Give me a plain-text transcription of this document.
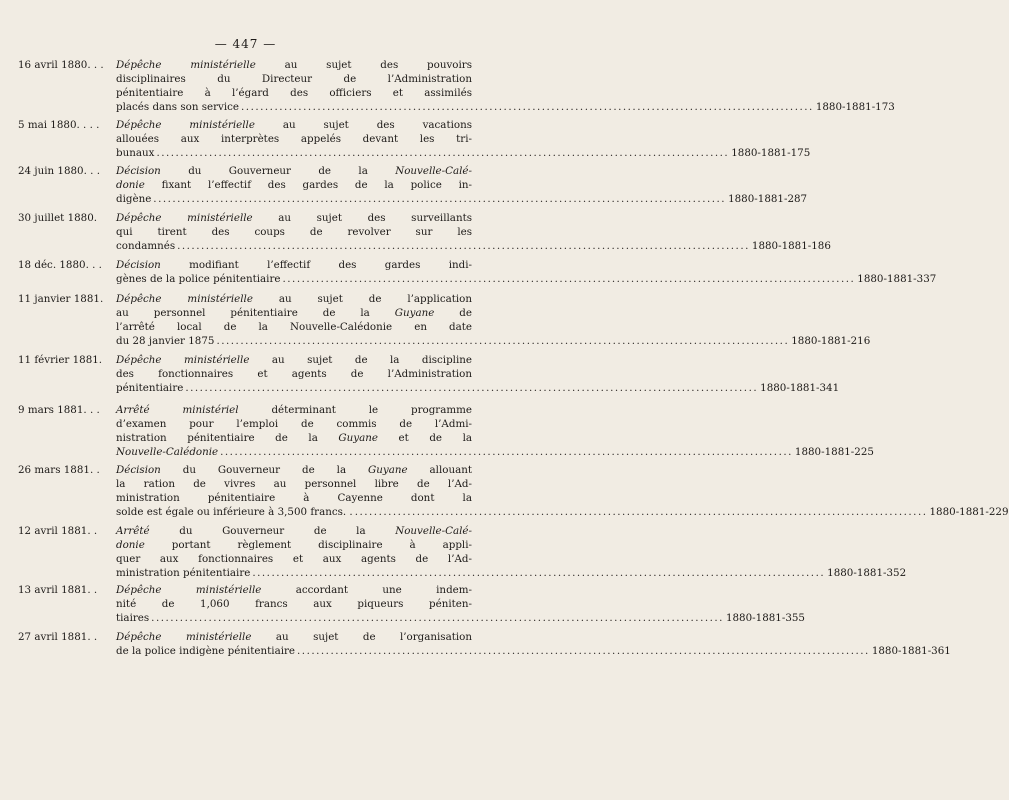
— 447 —
16 avril 1880. . .	Dépêche ministérielle au sujet des pouvoirs
disciplinaires du Directeur de l’Administration
pénitentiaire à l’égard des officiers et assimilés
placés dans son service ........................................................................................................................ 1880-1881-173
5 mai 1880. . . .	Dépêche ministérielle au sujet des vacations
allouées aux interprètes appelés devant les tri-
bunaux ........................................................................................................................ 1880-1881-175
24 juin 1880. . .	Décision du Gouverneur de la Nouvelle-Calé-
donie fixant l’effectif des gardes de la police in-
digène ........................................................................................................................ 1880-1881-287
30 juillet 1880.	Dépêche ministérielle au sujet des surveillants
qui tirent des coups de revolver sur les
condamnés ........................................................................................................................ 1880-1881-186
18 déc. 1880. . .	Décision modifiant l’effectif des gardes indi-
gènes de la police pénitentiaire ........................................................................................................................ 1880-1881-337
11 janvier 1881.	Dépêche ministérielle au sujet de l’application
au personnel pénitentiaire de la Guyane de
l’arrêté local de la Nouvelle-Calédonie en date
du 28 janvier 1875 ........................................................................................................................ 1880-1881-216
11 février 1881.	Dépêche ministérielle au sujet de la discipline
des fonctionnaires et agents de l’Administration
pénitentiaire ........................................................................................................................ 1880-1881-341
9 mars 1881. . .	Arrêté ministériel déterminant le programme
d’examen pour l’emploi de commis de l’Admi-
nistration pénitentiaire de la Guyane et de la
Nouvelle-Calédonie ........................................................................................................................ 1880-1881-225
26 mars 1881. .	Décision du Gouverneur de la Guyane allouant
la ration de vivres au personnel libre de l’Ad-
ministration pénitentiaire à Cayenne dont la
solde est égale ou inférieure à 3,500 francs. . ........................................................................................................................ 1880-1881-229
12 avril 1881. .	Arrêté du Gouverneur de la Nouvelle-Calé-
donie portant règlement disciplinaire à appli-
quer aux fonctionnaires et aux agents de l’Ad-
ministration pénitentiaire ........................................................................................................................ 1880-1881-352
13 avril 1881. .	Dépêche ministérielle accordant une indem-
nité de 1,060 francs aux piqueurs péniten-
tiaires ........................................................................................................................ 1880-1881-355
27 avril 1881. .	Dépêche ministérielle au sujet de l’organisation
de la police indigène pénitentiaire ........................................................................................................................ 1880-1881-361
